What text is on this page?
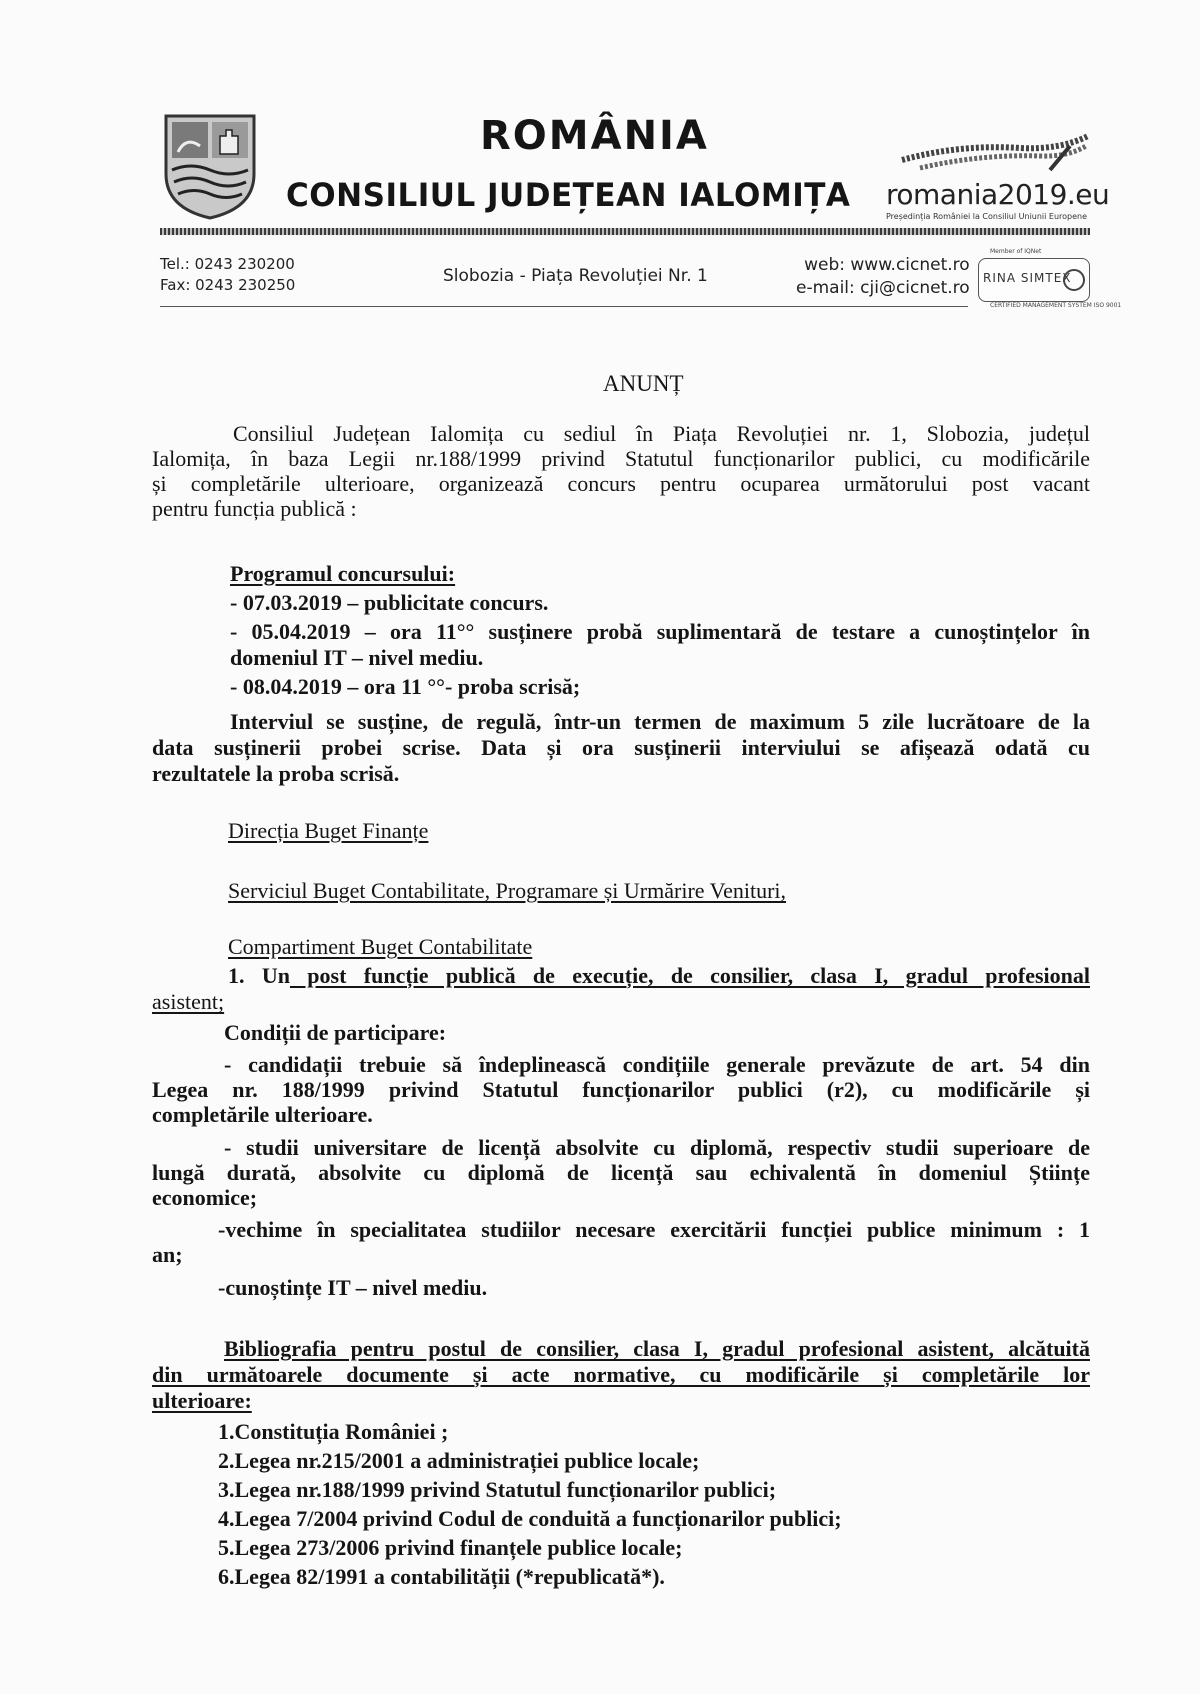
ROMÂNIA
CONSILIUL JUDEȚEAN IALOMIȚA romania2019.eu
Președinția României la Consiliul Uniunii Europene
Tel.: 0243 230200
Fax: 0243 230250	Slobozia - Piața Revoluției Nr. 1
web: www.cicnet.ro
e-mail: cji@cicnet.ro
Member of IQNet
RINA SIMTEX
CERTIFIED MANAGEMENT SYSTEM ISO 9001
ANUNȚ
Consiliul Județean Ialomița cu sediul în Piața Revoluției nr. 1, Slobozia, județul
Ialomița, în baza Legii nr.188/1999 privind Statutul funcționarilor publici, cu modificările
și completările ulterioare, organizează concurs pentru ocuparea următorului post vacant
pentru funcția publică :
Programul concursului:
- 07.03.2019 – publicitate concurs.
- 05.04.2019 – ora 11°° susținere probă suplimentară de testare a cunoștințelor în
domeniul IT – nivel mediu.
- 08.04.2019 – ora 11 °°- proba scrisă;
Interviul se susține, de regulă, într-un termen de maximum 5 zile lucrătoare de la
data susținerii probei scrise. Data și ora susținerii interviului se afișează odată cu
rezultatele la proba scrisă.
Direcția Buget Finanțe
Serviciul Buget Contabilitate, Programare și Urmărire Venituri,
Compartiment Buget Contabilitate
1. Un post funcție publică de execuție, de consilier, clasa I, gradul profesional
asistent;
Condiții de participare:
- candidații trebuie să îndeplinească condițiile generale prevăzute de art. 54 din
Legea nr. 188/1999 privind Statutul funcționarilor publici (r2), cu modificările și
completările ulterioare.
- studii universitare de licență absolvite cu diplomă, respectiv studii superioare de
lungă durată, absolvite cu diplomă de licență sau echivalentă în domeniul Științe
economice;
-vechime în specialitatea studiilor necesare exercitării funcției publice minimum : 1
an;
-cunoștințe IT – nivel mediu.
Bibliografia pentru postul de consilier, clasa I, gradul profesional asistent, alcătuită
din următoarele documente și acte normative, cu modificările și completările lor
ulterioare:
1.Constituția României ;
2.Legea nr.215/2001 a administrației publice locale;
3.Legea nr.188/1999 privind Statutul funcționarilor publici;
4.Legea 7/2004 privind Codul de conduită a funcționarilor publici;
5.Legea 273/2006 privind finanțele publice locale;
6.Legea 82/1991 a contabilității (*republicată*).
